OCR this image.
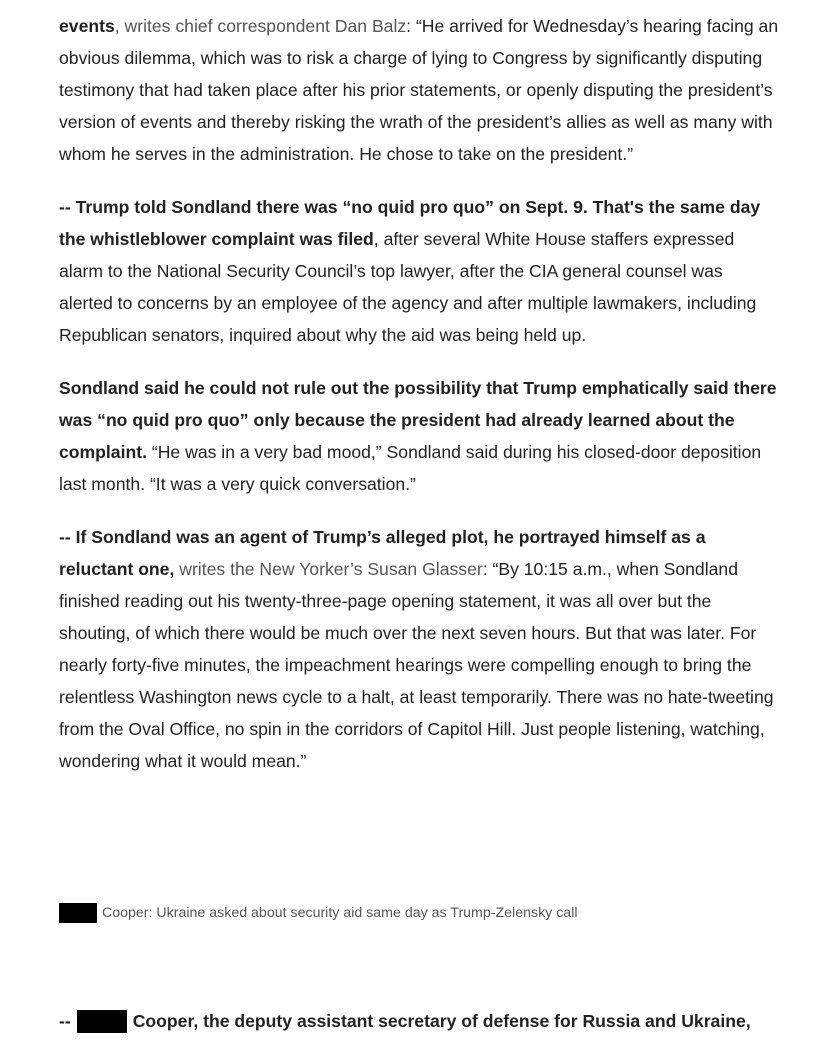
events, writes chief correspondent Dan Balz: “He arrived for Wednesday’s hearing facing an obvious dilemma, which was to risk a charge of lying to Congress by significantly disputing testimony that had taken place after his prior statements, or openly disputing the president’s version of events and thereby risking the wrath of the president’s allies as well as many with whom he serves in the administration. He chose to take on the president.”

-- Trump told Sondland there was “no quid pro quo” on Sept. 9. That's the same day the whistleblower complaint was filed, after several White House staffers expressed alarm to the National Security Council’s top lawyer, after the CIA general counsel was alerted to concerns by an employee of the agency and after multiple lawmakers, including Republican senators, inquired about why the aid was being held up.

Sondland said he could not rule out the possibility that Trump emphatically said there was “no quid pro quo” only because the president had already learned about the complaint. “He was in a very bad mood,” Sondland said during his closed-door deposition last month. “It was a very quick conversation.”

-- If Sondland was an agent of Trump’s alleged plot, he portrayed himself as a reluctant one, writes the New Yorker’s Susan Glasser: “By 10:15 a.m., when Sondland finished reading out his twenty-three-page opening statement, it was all over but the shouting, of which there would be much over the next seven hours. But that was later. For nearly forty-five minutes, the impeachment hearings were compelling enough to bring the relentless Washington news cycle to a halt, at least temporarily. There was no hate-tweeting from the Oval Office, no spin in the corridors of Capitol Hill. Just people listening, watching, wondering what it would mean.”

Cooper: Ukraine asked about security aid same day as Trump-Zelensky call
--	Cooper, the deputy assistant secretary of defense for Russia and Ukraine,
